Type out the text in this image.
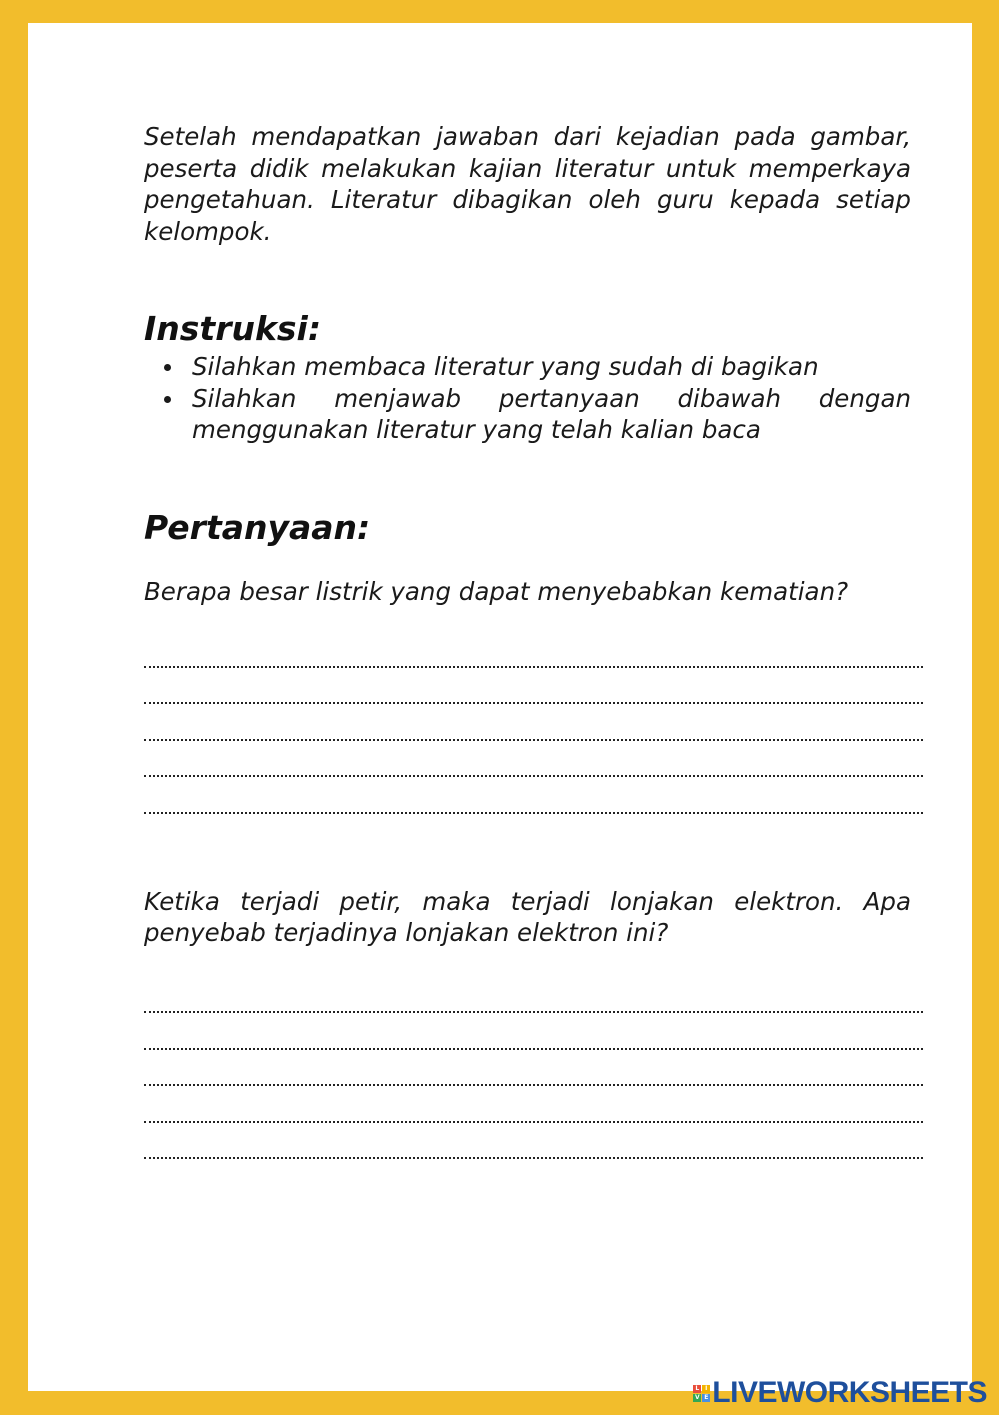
Setelah mendapatkan jawaban dari kejadian pada gambar, peserta didik melakukan kajian literatur untuk memperkaya pengetahuan. Literatur dibagikan oleh guru kepada setiap kelompok.

Instruksi:
Silahkan membaca literatur yang sudah di bagikan
Silahkan menjawab pertanyaan dibawah dengan menggunakan literatur yang telah kalian baca
Pertanyaan:

Berapa besar listrik yang dapat menyebabkan kematian?

Ketika terjadi petir, maka terjadi lonjakan elektron. Apa penyebab terjadinya lonjakan elektron ini?

L I
V E LIVEWORKSHEETS
